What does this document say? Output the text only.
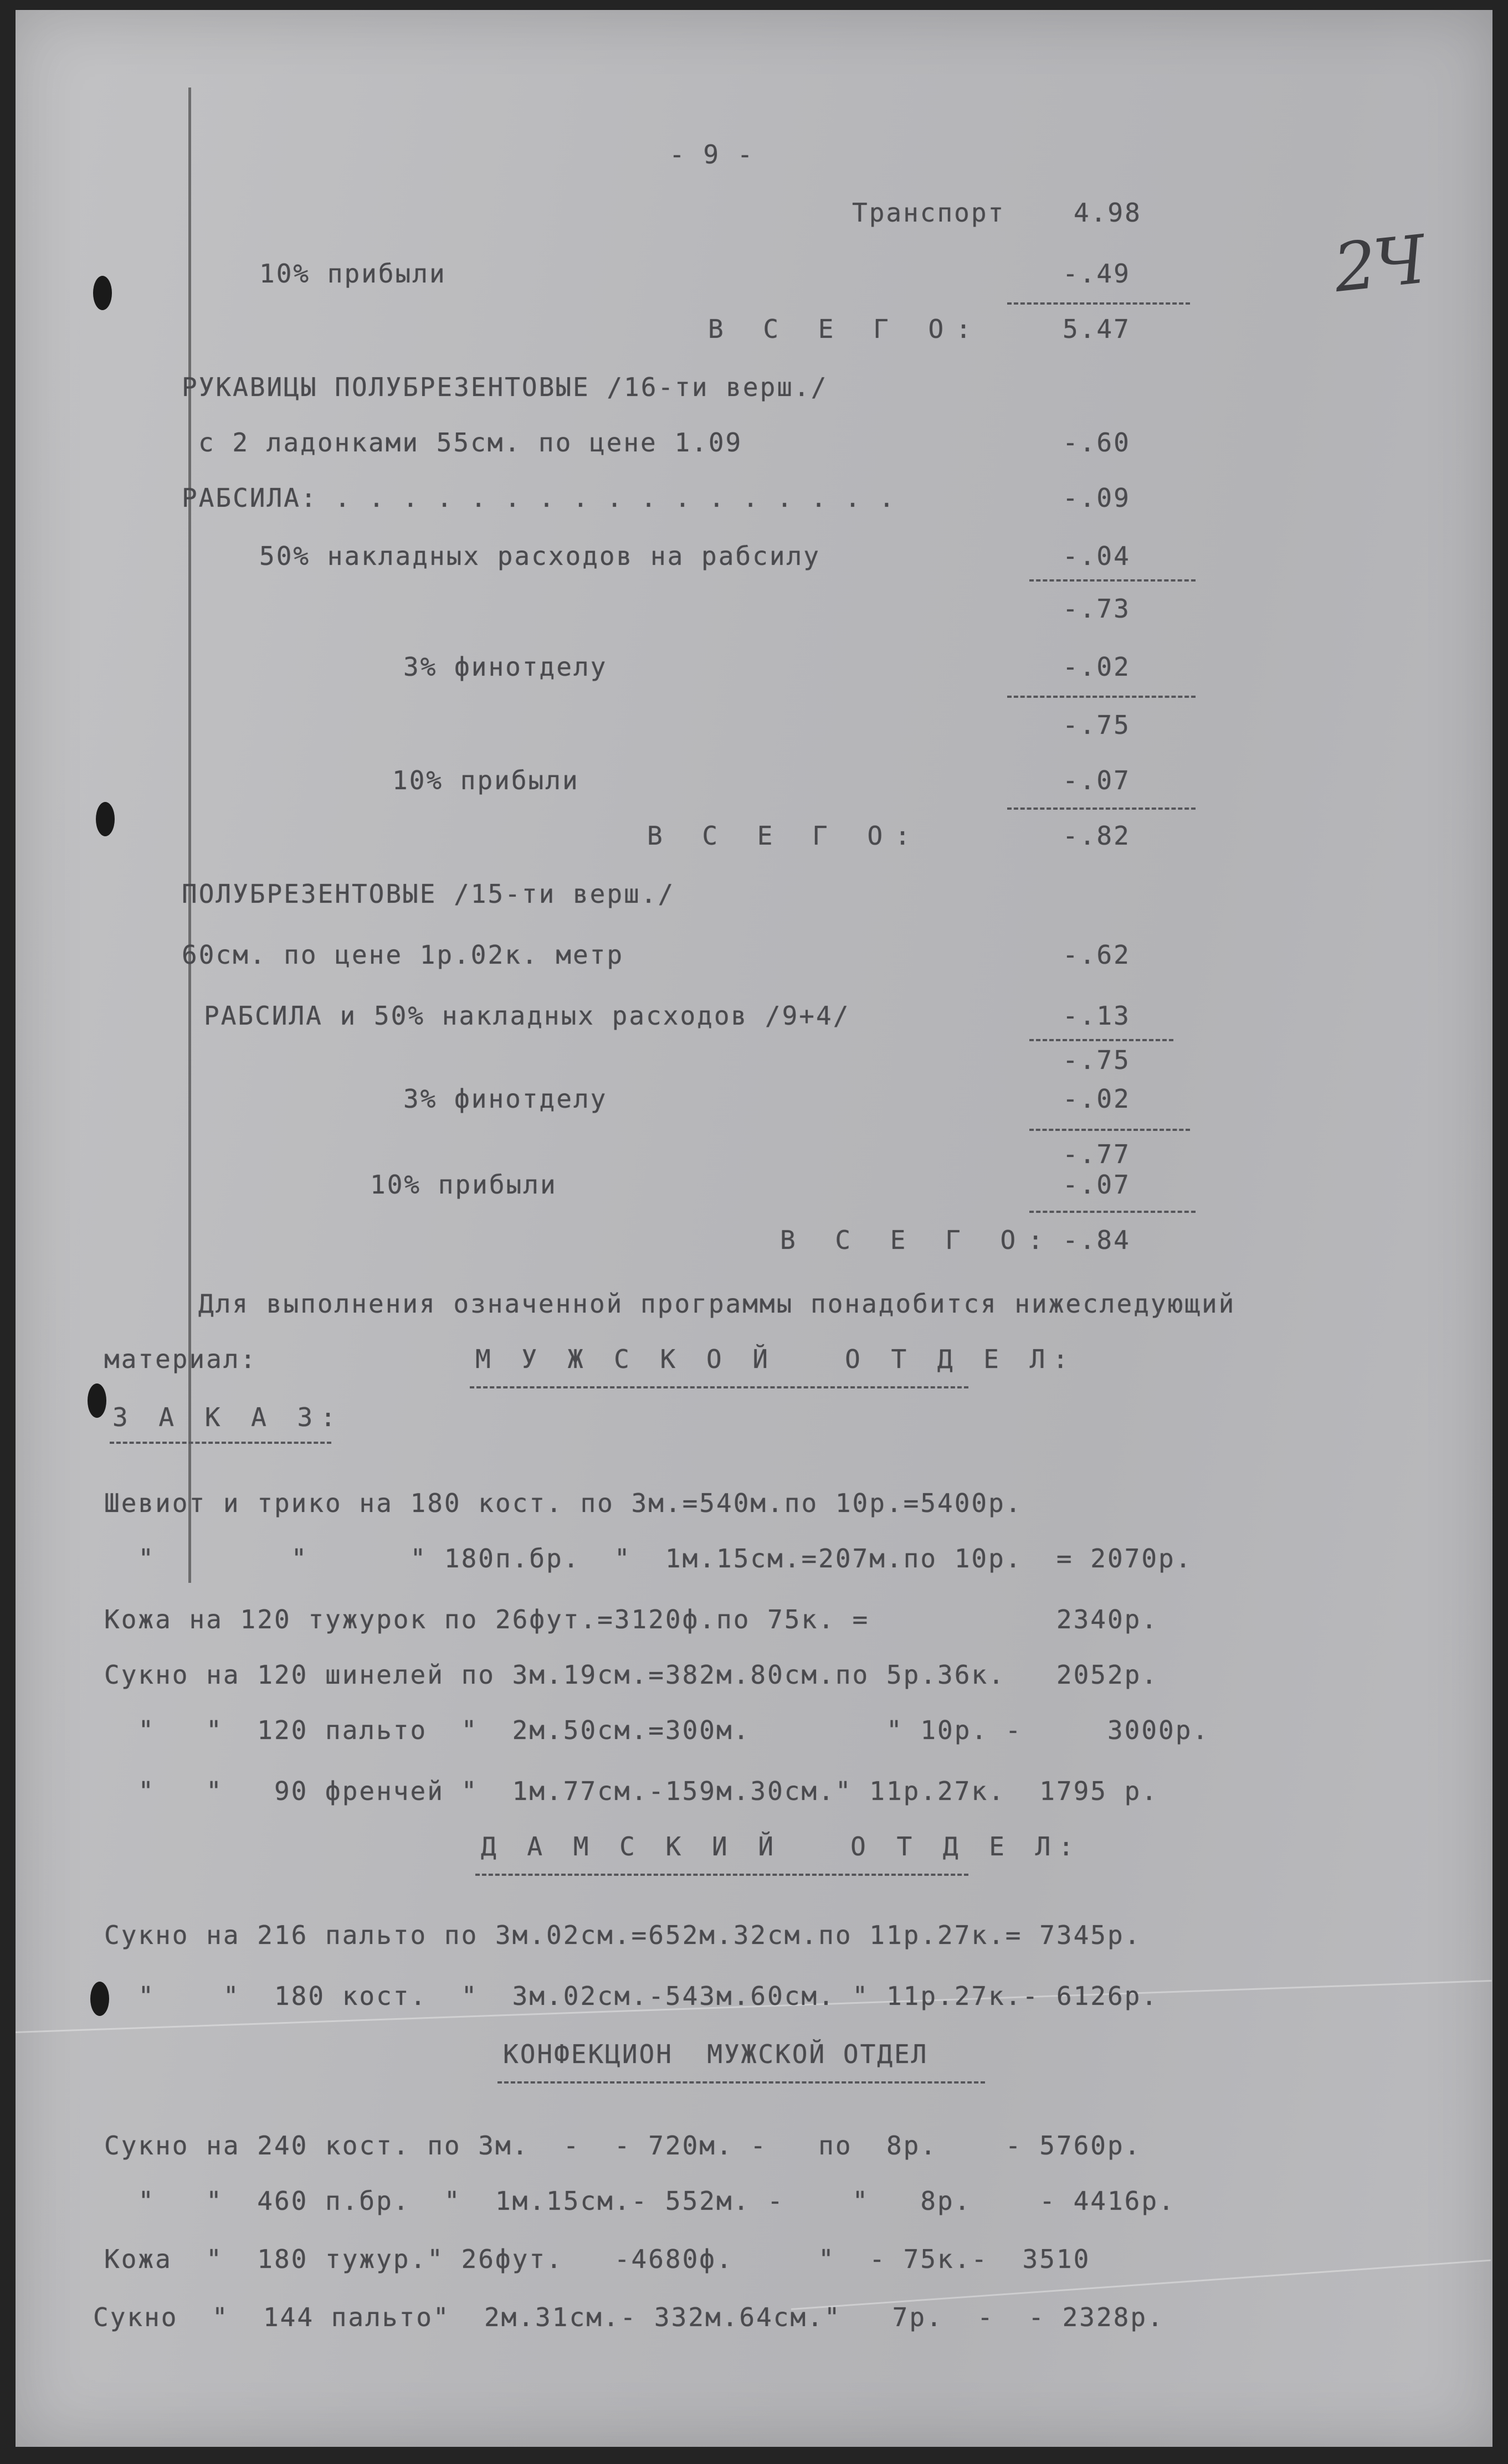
2Ч
- 9 -
Транспорт	4.98
10% прибыли	-.49
В С Е Г О:	5.47
РУКАВИЦЫ ПОЛУБРЕЗЕНТОВЫЕ /16-ти верш./
с 2 ладонками 55см. по цене 1.09	-.60
РАБСИЛА: . . . . . . . . . . . . . . . . .	-.09
50% накладных расходов на рабсилу	-.04
-.73
3% финотделу	-.02
-.75
10% прибыли	-.07
В С Е Г О:	-.82
ПОЛУБРЕЗЕНТОВЫЕ /15-ти верш./
60см. по цене 1р.02к. метр	-.62
РАБСИЛА и 50% накладных расходов /9+4/	-.13
-.75
3% финотделу	-.02
-.77
10% прибыли	-.07
В С Е Г О: -.84
Для выполнения означенной программы понадобится нижеследующий
материал:	М У Ж С К О Й   О Т Д Е Л:
З А К А З:
Шевиот и трико на 180 кост. по 3м.=540м.по 10р.=5400р.
"        "      " 180п.бр.  "  1м.15см.=207м.по 10р.  = 2070р.
Кожа на 120 тужурок по 26фут.=3120ф.по 75к. =           2340р.
Сукно на 120 шинелей по 3м.19см.=382м.80см.по 5р.36к.   2052р.
"   "  120 пальто  "  2м.50см.=300м.        " 10р. -     3000р.
"   "   90 френчей "  1м.77см.-159м.30см." 11р.27к.  1795 р.
Д А М С К И Й   О Т Д Е Л:
Сукно на 216 пальто по 3м.02см.=652м.32см.по 11р.27к.= 7345р.
"    "  180 кост.  "  3м.02см.-543м.60см. " 11р.27к.- 6126р.
КОНФЕКЦИОН  МУЖСКОЙ ОТДЕЛ
Сукно на 240 кост. по 3м.  -  - 720м. -   по  8р.    - 5760р.
"   "  460 п.бр.  "  1м.15см.- 552м. -    "   8р.    - 4416р.
Кожа  "  180 тужур." 26фут.   -4680ф.     "  - 75к.-  3510
Сукно  "  144 пальто"  2м.31см.- 332м.64см."   7р.  -  - 2328р.
